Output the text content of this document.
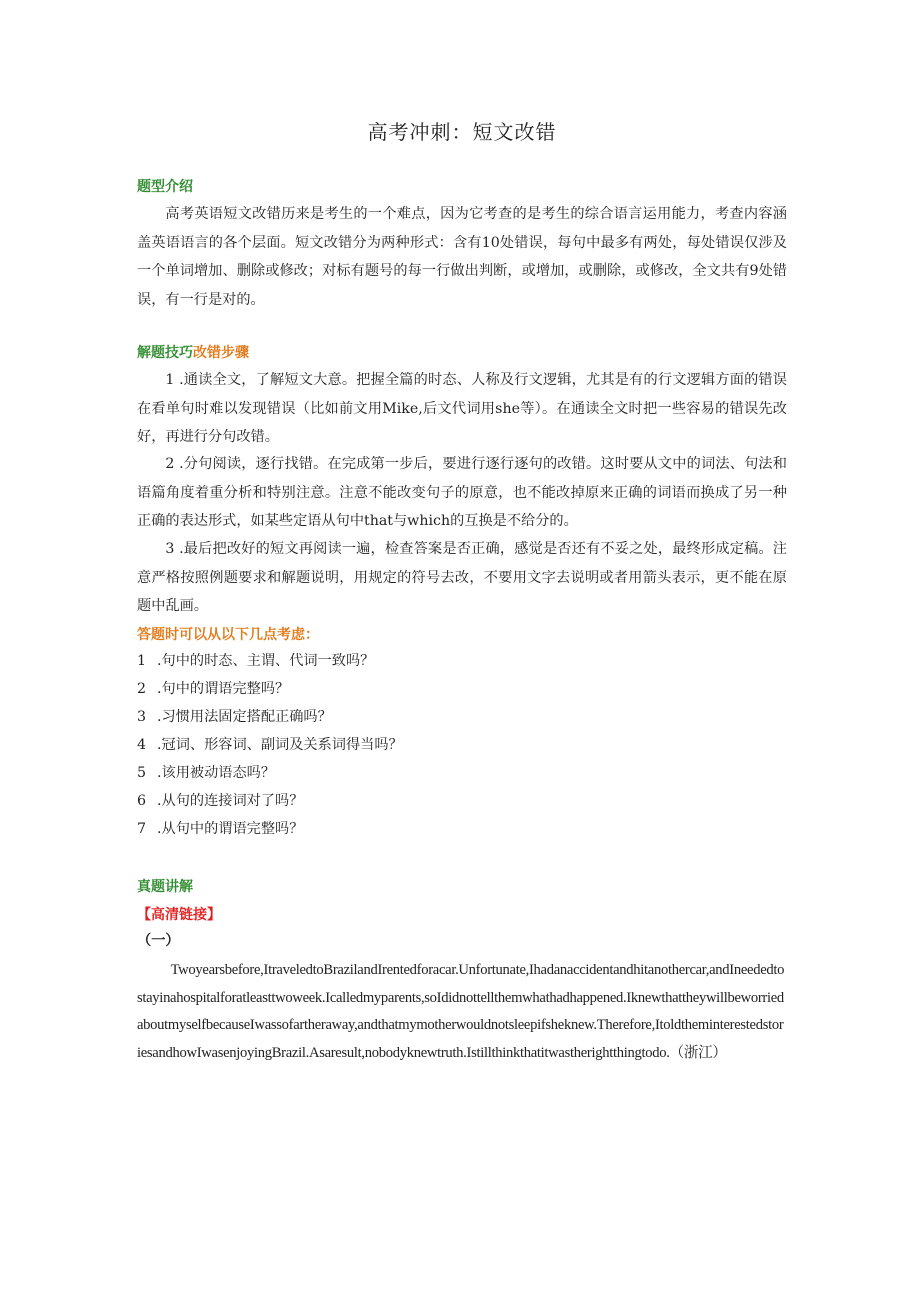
高考冲刺：短文改错
题型介绍

高考英语短文改错历来是考生的一个难点，因为它考查的是考生的综合语言运用能力，考查内容涵盖英语语言的各个层面。短文改错分为两种形式：含有10处错误，每句中最多有两处，每处错误仅涉及一个单词增加、删除或修改；对标有题号的每一行做出判断，或增加，或删除，或修改，全文共有9处错误，有一行是对的。

解题技巧改错步骤

1 .通读全文，了解短文大意。把握全篇的时态、人称及行文逻辑，尤其是有的行文逻辑方面的错误在看单句时难以发现错误（比如前文用Mike,后文代词用she等）。在通读全文时把一些容易的错误先改好，再进行分句改错。

2 .分句阅读，逐行找错。在完成第一步后，要进行逐行逐句的改错。这时要从文中的词法、句法和语篇角度着重分析和特别注意。注意不能改变句子的原意，也不能改掉原来正确的词语而换成了另一种正确的表达形式，如某些定语从句中that与which的互换是不给分的。

3 .最后把改好的短文再阅读一遍，检查答案是否正确，感觉是否还有不妥之处，最终形成定稿。注意严格按照例题要求和解题说明，用规定的符号去改，不要用文字去说明或者用箭头表示，更不能在原题中乱画。

答题时可以从以下几点考虑：
1 .句中的时态、主谓、代词一致吗？
2 .句中的谓语完整吗？
3 .习惯用法固定搭配正确吗？
4 .冠词、形容词、副词及关系词得当吗？
5 .该用被动语态吗？
6 .从句的连接词对了吗？
7 .从句中的谓语完整吗？
真题讲解
【高清链接】
（一）

Twoyearsbefore,ItraveledtoBrazilandIrentedforacar.Unfortunate,Ihadanaccidentandhitanothercar,andIneededtostayinahospitalforatleasttwoweek.Icalledmyparents,soIdidnottellthemwhathadhappened.IknewthattheywillbeworriedaboutmyselfbecauseIwassofartheraway,andthatmymotherwouldnotsleepifsheknew.Therefore,ItoldtheminterestedstoriesandhowIwasenjoyingBrazil.Asaresult,nobodyknewtruth.Istillthinkthatitwastherightthingtodo.（浙江）
